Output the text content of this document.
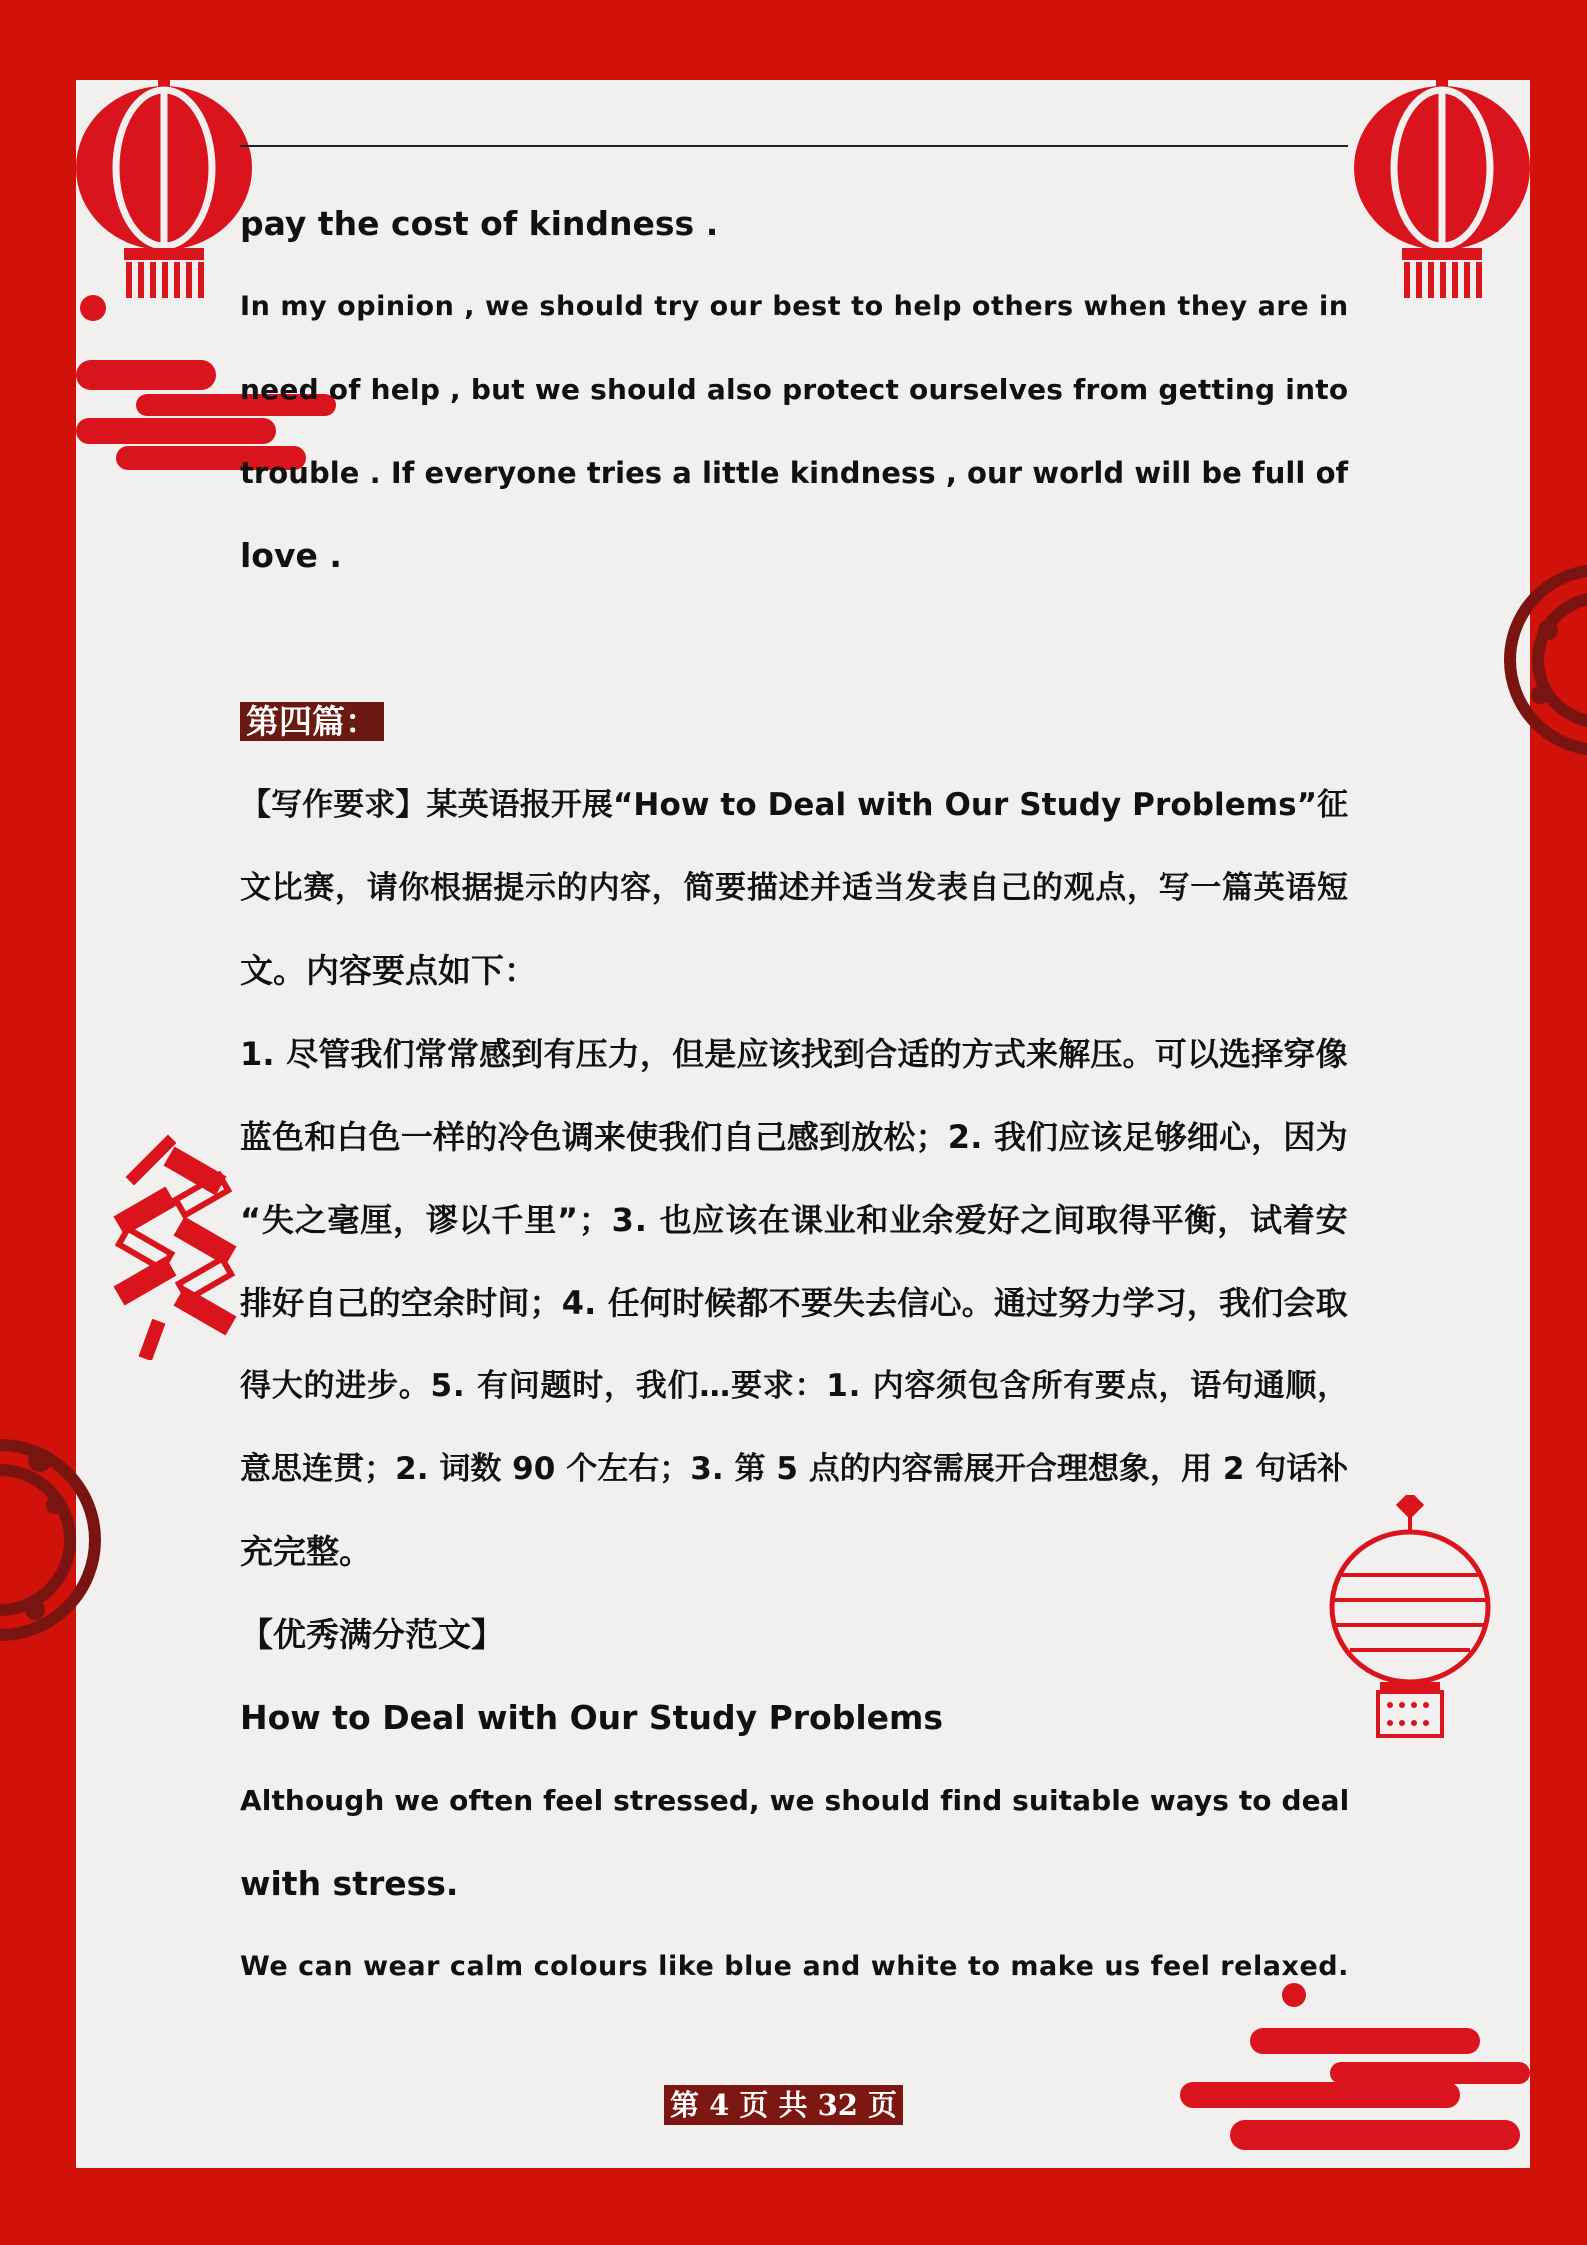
pay the cost of kindness .
In my opinion , we should try our best to help others when they are in
need of help , but we should also protect ourselves from getting into
trouble . If everyone tries a little kindness , our world will be full of
love .
第四篇：
【写作要求】某英语报开展“How to Deal with Our Study Problems”征
文比赛，请你根据提示的内容，简要描述并适当发表自己的观点，写一篇英语短
文。内容要点如下：
1. 尽管我们常常感到有压力，但是应该找到合适的方式来解压。可以选择穿像
蓝色和白色一样的冷色调来使我们自己感到放松；2. 我们应该足够细心，因为
“失之毫厘，谬以千里”；3. 也应该在课业和业余爱好之间取得平衡，试着安
排好自己的空余时间；4. 任何时候都不要失去信心。通过努力学习，我们会取
得大的进步。5. 有问题时，我们…要求：1. 内容须包含所有要点，语句通顺，
意思连贯；2. 词数 90 个左右；3. 第 5 点的内容需展开合理想象，用 2 句话补
充完整。
【优秀满分范文】
How to Deal with Our Study Problems
Although we often feel stressed, we should find suitable ways to deal
with stress.
We can wear calm colours like blue and white to make us feel relaxed.
第 4 页 共 32 页
